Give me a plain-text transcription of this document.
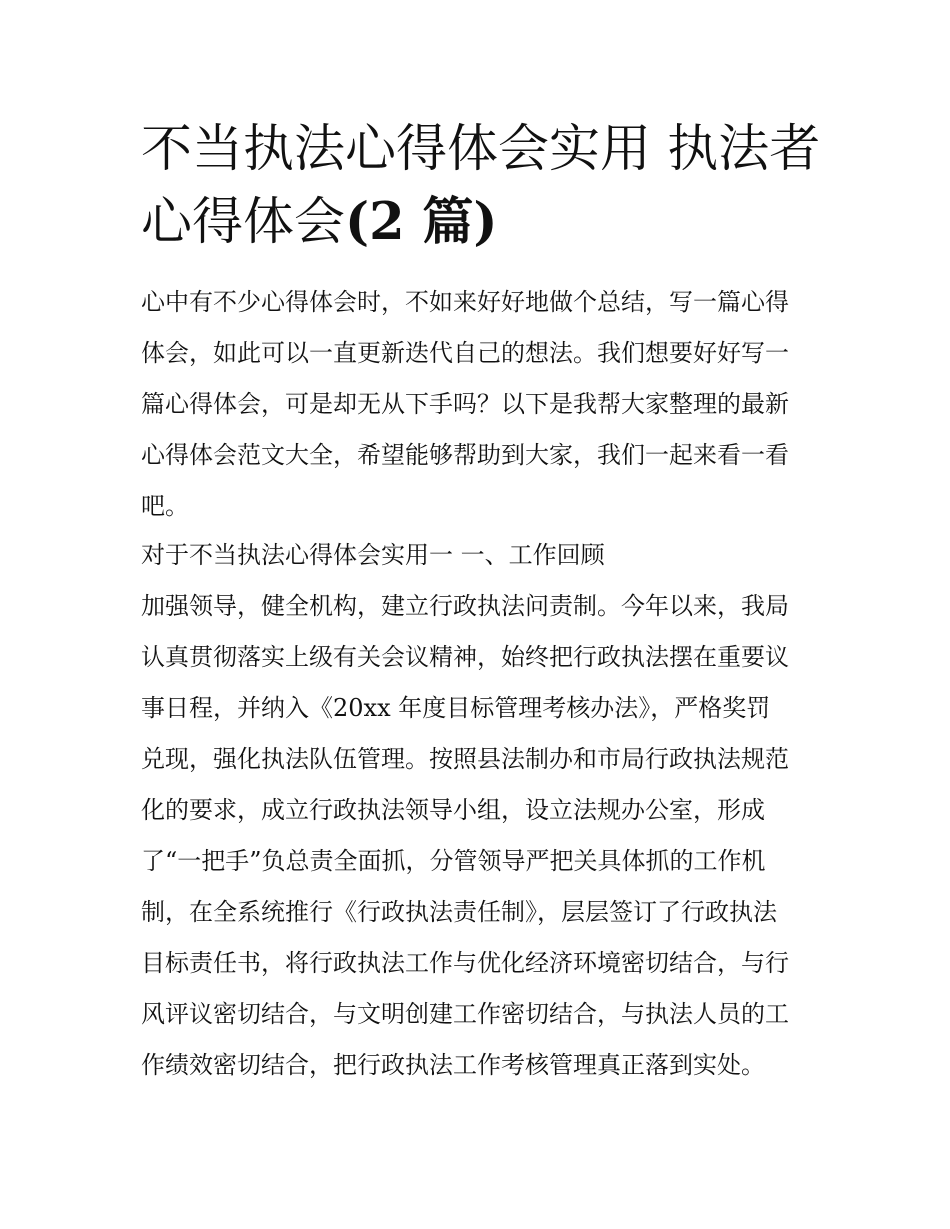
不当执法心得体会实用 执法者
心得体会(2 篇)
心中有不少心得体会时，不如来好好地做个总结，写一篇心得
体会，如此可以一直更新迭代自己的想法。我们想要好好写一
篇心得体会，可是却无从下手吗？以下是我帮大家整理的最新
心得体会范文大全，希望能够帮助到大家，我们一起来看一看
吧。
对于不当执法心得体会实用一 一、工作回顾
加强领导，健全机构，建立行政执法问责制。今年以来，我局
认真贯彻落实上级有关会议精神，始终把行政执法摆在重要议
事日程，并纳入《20xx 年度目标管理考核办法》，严格奖罚
兑现，强化执法队伍管理。按照县法制办和市局行政执法规范
化的要求，成立行政执法领导小组，设立法规办公室，形成
了“一把手”负总责全面抓，分管领导严把关具体抓的工作机
制，在全系统推行《行政执法责任制》，层层签订了行政执法
目标责任书，将行政执法工作与优化经济环境密切结合，与行
风评议密切结合，与文明创建工作密切结合，与执法人员的工
作绩效密切结合，把行政执法工作考核管理真正落到实处。
